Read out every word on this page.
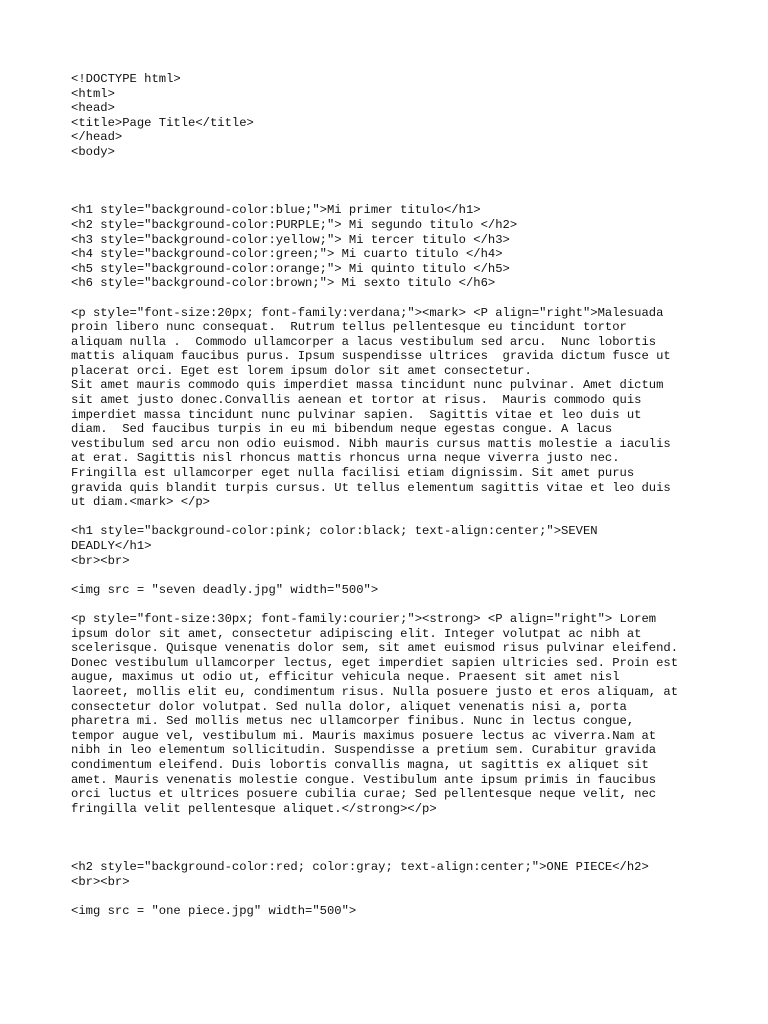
<!DOCTYPE html>
<html>
<head>
<title>Page Title</title>
</head>
<body>
<h1 style="background-color:blue;">Mi primer titulo</h1>
<h2 style="background-color:PURPLE;"> Mi segundo titulo </h2>
<h3 style="background-color:yellow;"> Mi tercer titulo </h3>
<h4 style="background-color:green;"> Mi cuarto titulo </h4>
<h5 style="background-color:orange;"> Mi quinto titulo </h5>
<h6 style="background-color:brown;"> Mi sexto titulo </h6>
<p style="font-size:20px; font-family:verdana;"><mark> <P align="right">Malesuada
proin libero nunc consequat.  Rutrum tellus pellentesque eu tincidunt tortor
aliquam nulla .  Commodo ullamcorper a lacus vestibulum sed arcu.  Nunc lobortis
mattis aliquam faucibus purus. Ipsum suspendisse ultrices  gravida dictum fusce ut
placerat orci. Eget est lorem ipsum dolor sit amet consectetur.
Sit amet mauris commodo quis imperdiet massa tincidunt nunc pulvinar. Amet dictum
sit amet justo donec.Convallis aenean et tortor at risus.  Mauris commodo quis
imperdiet massa tincidunt nunc pulvinar sapien.  Sagittis vitae et leo duis ut
diam.  Sed faucibus turpis in eu mi bibendum neque egestas congue. A lacus
vestibulum sed arcu non odio euismod. Nibh mauris cursus mattis molestie a iaculis
at erat. Sagittis nisl rhoncus mattis rhoncus urna neque viverra justo nec.
Fringilla est ullamcorper eget nulla facilisi etiam dignissim. Sit amet purus
gravida quis blandit turpis cursus. Ut tellus elementum sagittis vitae et leo duis
ut diam.<mark> </p>
<h1 style="background-color:pink; color:black; text-align:center;">SEVEN
DEADLY</h1>
<br><br>
<img src = "seven deadly.jpg" width="500">
<p style="font-size:30px; font-family:courier;"><strong> <P align="right"> Lorem
ipsum dolor sit amet, consectetur adipiscing elit. Integer volutpat ac nibh at
scelerisque. Quisque venenatis dolor sem, sit amet euismod risus pulvinar eleifend.
Donec vestibulum ullamcorper lectus, eget imperdiet sapien ultricies sed. Proin est
augue, maximus ut odio ut, efficitur vehicula neque. Praesent sit amet nisl
laoreet, mollis elit eu, condimentum risus. Nulla posuere justo et eros aliquam, at
consectetur dolor volutpat. Sed nulla dolor, aliquet venenatis nisi a, porta
pharetra mi. Sed mollis metus nec ullamcorper finibus. Nunc in lectus congue,
tempor augue vel, vestibulum mi. Mauris maximus posuere lectus ac viverra.Nam at
nibh in leo elementum sollicitudin. Suspendisse a pretium sem. Curabitur gravida
condimentum eleifend. Duis lobortis convallis magna, ut sagittis ex aliquet sit
amet. Mauris venenatis molestie congue. Vestibulum ante ipsum primis in faucibus
orci luctus et ultrices posuere cubilia curae; Sed pellentesque neque velit, nec
fringilla velit pellentesque aliquet.</strong></p>
<h2 style="background-color:red; color:gray; text-align:center;">ONE PIECE</h2>
<br><br>
<img src = "one piece.jpg" width="500">
